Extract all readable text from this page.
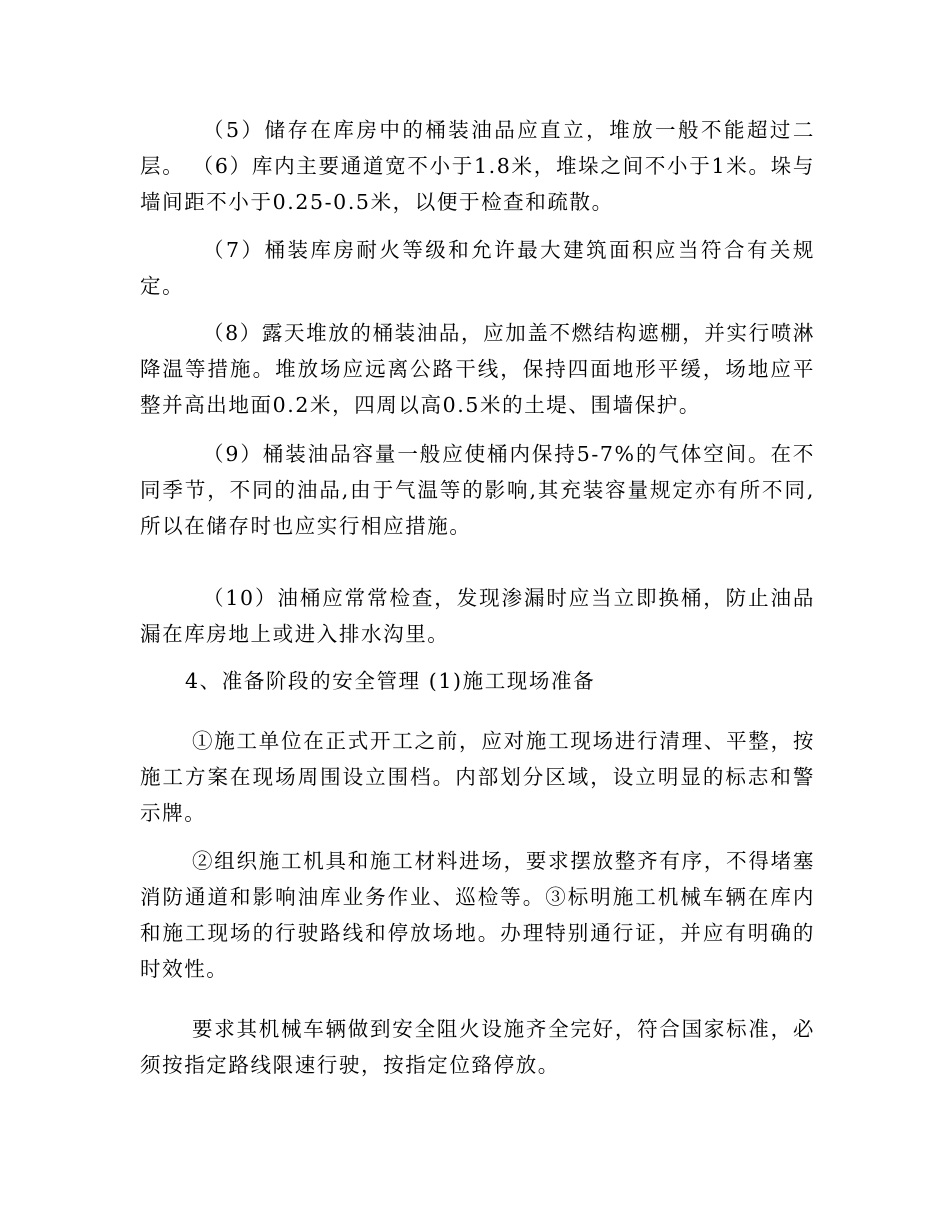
（5）储存在库房中的桶装油品应直立，堆放一般不能超过二层。 （6）库内主要通道宽不小于1.8米，堆垛之间不小于1米。垛与墙间距不小于0.25-0.5米，以便于检查和疏散。

（7）桶装库房耐火等级和允许最大建筑面积应当符合有关规定。

（8）露天堆放的桶装油品，应加盖不燃结构遮棚，并实行喷淋降温等措施。堆放场应远离公路干线，保持四面地形平缓，场地应平整并高出地面0.2米，四周以高0.5米的土堤、围墙保护。

（9）桶装油品容量一般应使桶内保持5-7%的气体空间。在不同季节，不同的油品,由于气温等的影响,其充装容量规定亦有所不同,所以在储存时也应实行相应措施。

（10）油桶应常常检查，发现渗漏时应当立即换桶，防止油品漏在库房地上或进入排水沟里。

4、准备阶段的安全管理 (1)施工现场准备

①施工单位在正式开工之前，应对施工现场进行清理、平整，按施工方案在现场周围设立围档。内部划分区域，设立明显的标志和警示牌。

②组织施工机具和施工材料进场，要求摆放整齐有序，不得堵塞消防通道和影响油库业务作业、巡检等。③标明施工机械车辆在库内和施工现场的行驶路线和停放场地。办理特别通行证，并应有明确的时效性。

要求其机械车辆做到安全阻火设施齐全完好，符合国家标准，必须按指定路线限速行驶，按指定位臵停放。
